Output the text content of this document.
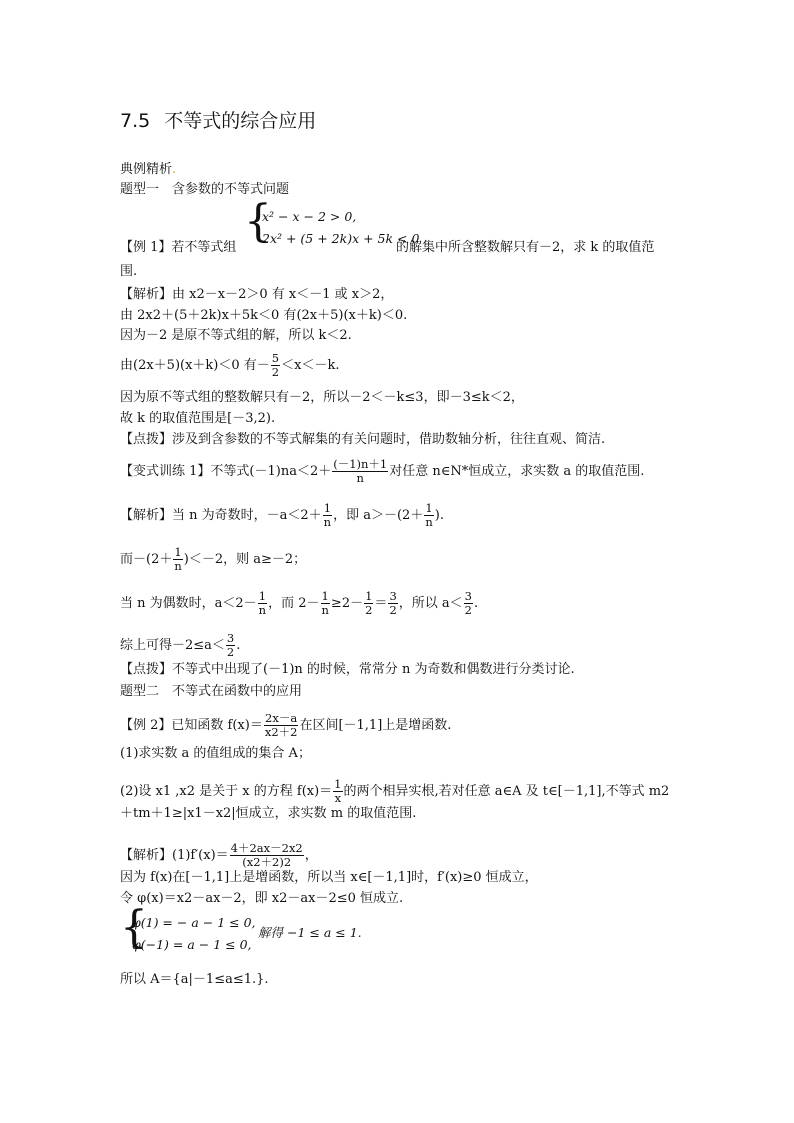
7.5 不等式的综合应用
典例精析.
题型一　含参数的不等式问题
{
x² − x − 2 > 0,
2x² + (5 + 2k)x + 5k < 0
【例 1】若不等式组	的解集中所含整数解只有－2，求 k 的取值范
围.
【解析】由 x2－x－2＞0 有 x＜－1 或 x＞2，
由 2x2＋(5＋2k)x＋5k＜0 有(2x＋5)(x＋k)＜0.
因为－2 是原不等式组的解，所以 k＜2.
由(2x＋5)(x＋k)＜0 有－ $\frac{5}{2} <x<-k$.
因为原不等式组的整数解只有－2，所以－2＜－k≤3，即－3≤k＜2，
故 k 的取值范围是[－3,2).
【点拨】涉及到含参数的不等式解集的有关问题时，借助数轴分析，往往直观、简洁.
【变式训练 1】不等式$(-1)na<2+ \frac{(-1)n+1}{n}$ 对任意 n∈N*恒成立，求实数 a 的取值范围.
【解析】当 n 为奇数时，$-a<2+ \frac{1}{n}$ ，即 $a>-(2+ \frac{1}{n}$ ).
而$-(2+ \frac{1}{n} )<-2$，则 a≥－2；
当 n 为偶数时，$a<2- \frac{1}{n}$ ，而 $2- \frac{1}{n} \ge 2- \frac{1}{2} = \frac{3}{2}$ ，所以 $a< \frac{3}{2}$ .
综上可得$-2\le a< \frac{3}{2}$ .
【点拨】不等式中出现了(－1)n 的时候，常常分 n 为奇数和偶数进行分类讨论.
题型二　不等式在函数中的应用
【例 2】已知函数 $f(x)= \frac{2x-a}{x2+2}$ 在区间[－1,1]上是增函数.
(1)求实数 a 的值组成的集合 A；
(2)设 x1 ,x2 是关于 x 的方程 $f(x)= \frac{1}{x}$ 的两个相异实根,若对任意 a∈A 及 t∈[－1,1],不等式 m2
＋tm＋1≥|x1－x2|恒成立，求实数 m 的取值范围.
【解析】$(1)f'(x)= \frac{4+2ax-2x2}{(x2+2)2}$ ，
因为 f(x)在[－1,1]上是增函数，所以当 x∈[－1,1]时，f′(x)≥0 恒成立，
令 φ(x)＝x2－ax－2，即 x2－ax－2≤0 恒成立.
{
φ(1) = − a − 1 ≤ 0,
φ(−1) = a − 1 ≤ 0,
解得 −1 ≤ a ≤ 1.
所以 A＝{a|－1≤a≤1.}.
